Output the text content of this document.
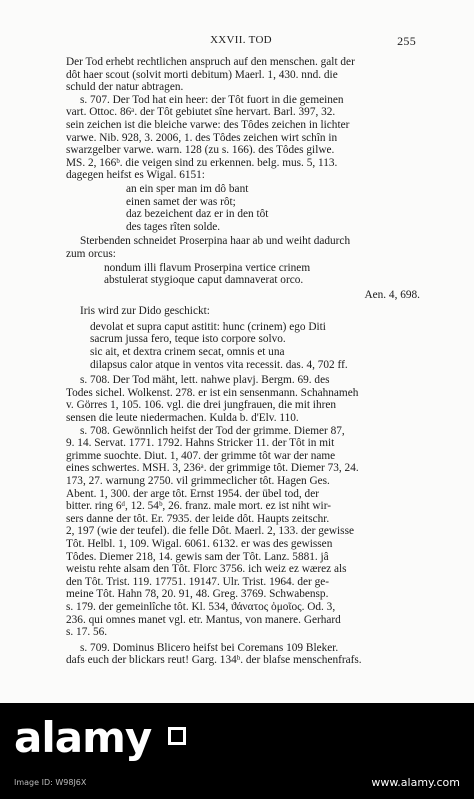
XXVII. TOD	255
Der Tod erhebt rechtlichen anspruch auf den menschen. galt der
dôt haer scout (solvit morti debitum) Maerl. 1, 430. nnd. die
schuld der natur abtragen.
s. 707. Der Tod hat ein heer: der Tôt fuort in die gemeinen
vart. Ottoc. 86ᵃ. der Tôt gebiutet sîne hervart. Barl. 397, 32.
sein zeichen ist die bleiche varwe: des Tôdes zeichen in lichter
varwe. Nib. 928, 3. 2006, 1. des Tôdes zeichen wirt schîn in
swarzgelber varwe. warn. 128 (zu s. 166). des Tôdes gilwe.
MS. 2, 166ᵇ. die veigen sind zu erkennen. belg. mus. 5, 113.
dagegen heifst es Wigal. 6151:
an ein sper man im dô bant
einen samet der was rôt;
daz bezeichent daz er in den tôt
des tages rîten solde.
Sterbenden schneidet Proserpina haar ab und weiht dadurch
zum orcus:
nondum illi flavum Proserpina vertice crinem
abstulerat stygioque caput damnaverat orco.
Aen. 4, 698.
Iris wird zur Dido geschickt:
devolat et supra caput astitit: hunc (crinem) ego Diti
sacrum jussa fero, teque isto corpore solvo.
sic ait, et dextra crinem secat, omnis et una
dilapsus calor atque in ventos vita recessit. das. 4, 702 ff.
s. 708. Der Tod mäht, lett. nahwe plavj. Bergm. 69. des
Todes sichel. Wolkenst. 278. er ist ein sensenmann. Schahnameh
v. Görres 1, 105. 106. vgl. die drei jungfrauen, die mit ihren
sensen die leute niedermachen. Kulda b. d'Elv. 110.
s. 708. Gewönnlich heifst der Tod der grimme. Diemer 87,
9. 14. Servat. 1771. 1792. Hahns Stricker 11. der Tôt in mit
grimme suochte. Diut. 1, 407. der grimme tôt war der name
eines schwertes. MSH. 3, 236ᵃ. der grimmige tôt. Diemer 73, 24.
173, 27. warnung 2750. vil grimmeclicher tôt. Hagen Ges.
Abent. 1, 300. der arge tôt. Ernst 1954. der übel tod, der
bitter. ring 6ᵈ, 12. 54ᵇ, 26. franz. male mort. ez ist niht wir-
sers danne der tôt. Er. 7935. der leide dôt. Haupts zeitschr.
2, 197 (wie der teufel). die felle Dôt. Maerl. 2, 133. der gewisse
Tôt. Helbl. 1, 109. Wigal. 6061. 6132. er was des gewissen
Tôdes. Diemer 218, 14. gewis sam der Tôt. Lanz. 5881. jâ
weistu rehte alsam den Tôt. Florc 3756. ich weiz ez wærez als
den Tôt. Trist. 119. 17751. 19147. Ulr. Trist. 1964. der ge-
meine Tôt. Hahn 78, 20. 91, 48. Greg. 3769. Schwabensp.
s. 179. der gemeinlîche tôt. Kl. 534, ϑάνατος ὁμοῖος. Od. 3,
236. qui omnes manet vgl. etr. Mantus, von manere. Gerhard
s. 17. 56.
s. 709. Dominus Blicero heifst bei Coremans 109 Bleker.
dafs euch der blickars reut! Garg. 134ᵇ. der blafse menschenfrafs.
alamy
Image ID: W98J6X	www.alamy.com
